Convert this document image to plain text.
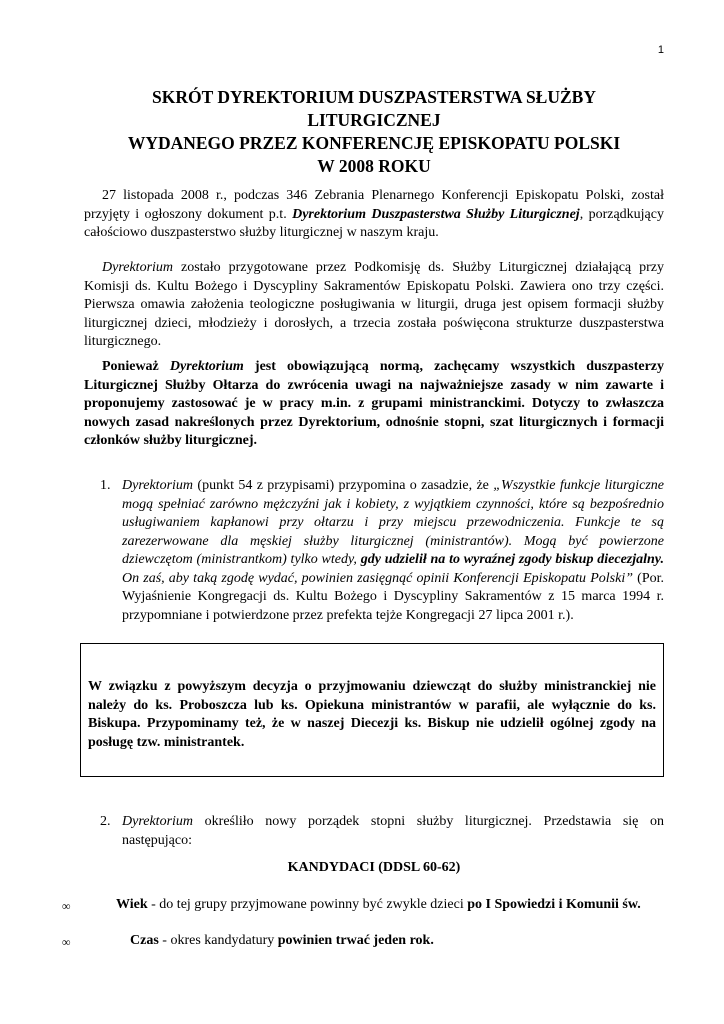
1
SKRÓT DYREKTORIUM DUSZPASTERSTWA SŁUŻBY
LITURGICZNEJ
WYDANEGO PRZEZ KONFERENCJĘ EPISKOPATU POLSKI
W 2008 ROKU
27 listopada 2008 r., podczas 346 Zebrania Plenarnego Konferencji Episkopatu Polski, został przyjęty i ogłoszony dokument p.t. Dyrektorium Duszpasterstwa Służby Liturgicznej, porządkujący całościowo duszpasterstwo służby liturgicznej w naszym kraju.
Dyrektorium zostało przygotowane przez Podkomisję ds. Służby Liturgicznej działającą przy Komisji ds. Kultu Bożego i Dyscypliny Sakramentów Episkopatu Polski. Zawiera ono trzy części. Pierwsza omawia założenia teologiczne posługiwania w liturgii, druga jest opisem formacji służby liturgicznej dzieci, młodzieży i dorosłych, a trzecia została poświęcona strukturze duszpasterstwa liturgicznego.
Ponieważ Dyrektorium jest obowiązującą normą, zachęcamy wszystkich duszpasterzy Liturgicznej Służby Ołtarza do zwrócenia uwagi na najważniejsze zasady w nim zawarte i proponujemy zastosować je w pracy m.in. z grupami ministranckimi. Dotyczy to zwłaszcza nowych zasad nakreślonych przez Dyrektorium, odnośnie stopni, szat liturgicznych i formacji członków służby liturgicznej.
1. Dyrektorium (punkt 54 z przypisami) przypomina o zasadzie, że „Wszystkie funkcje liturgiczne mogą spełniać zarówno mężczyźni jak i kobiety, z wyjątkiem czynności, które są bezpośrednio usługiwaniem kapłanowi przy ołtarzu i przy miejscu przewodniczenia. Funkcje te są zarezerwowane dla męskiej służby liturgicznej (ministrantów). Mogą być powierzone dziewczętom (ministrantkom) tylko wtedy, gdy udzielił na to wyraźnej zgody biskup diecezjalny. On zaś, aby taką zgodę wydać, powinien zasięgnąć opinii Konferencji Episkopatu Polski” (Por. Wyjaśnienie Kongregacji ds. Kultu Bożego i Dyscypliny Sakramentów z 15 marca 1994 r. przypomniane i potwierdzone przez prefekta tejże Kongregacji 27 lipca 2001 r.).
W związku z powyższym decyzja o przyjmowaniu dziewcząt do służby ministranckiej nie należy do ks. Proboszcza lub ks. Opiekuna ministrantów w parafii, ale wyłącznie do ks. Biskupa. Przypominamy też, że w naszej Diecezji ks. Biskup nie udzielił ogólnej zgody na posługę tzw. ministrantek.
2. Dyrektorium określiło nowy porządek stopni służby liturgicznej. Przedstawia się on następująco:
KANDYDACI (DDSL 60-62)
∞	Wiek - do tej grupy przyjmowane powinny być zwykle dzieci po I Spowiedzi i Komunii św.
∞	Czas - okres kandydatury powinien trwać jeden rok.
